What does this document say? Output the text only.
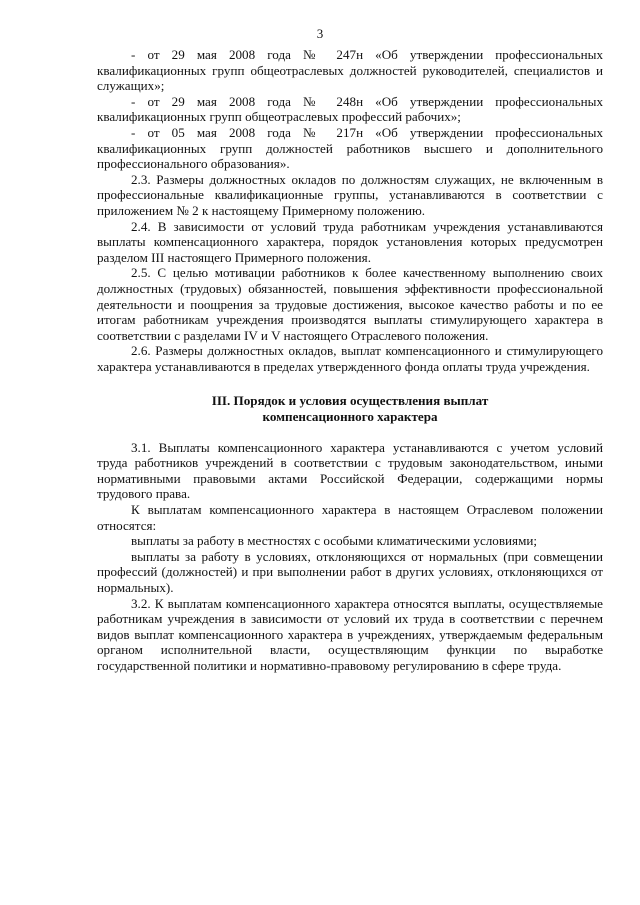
3

- от 29 мая 2008 года № 247н «Об утверждении профессиональных квалификационных групп общеотраслевых должностей руководителей, специалистов и служащих»;

- от 29 мая 2008 года № 248н «Об утверждении профессиональных квалификационных групп общеотраслевых профессий рабочих»;

- от 05 мая 2008 года № 217н «Об утверждении профессиональных квалификационных групп должностей работников высшего и дополнительного профессионального образования».

2.3. Размеры должностных окладов по должностям служащих, не включенным в профессиональные квалификационные группы, устанавливаются в соответствии с приложением № 2 к настоящему Примерному положению.

2.4. В зависимости от условий труда работникам учреждения устанавливаются выплаты компенсационного характера, порядок установления которых предусмотрен разделом III настоящего Примерного положения.

2.5. С целью мотивации работников к более качественному выполнению своих должностных (трудовых) обязанностей, повышения эффективности профессиональной деятельности и поощрения за трудовые достижения, высокое качество работы и по ее итогам работникам учреждения производятся выплаты стимулирующего характера в соответствии с разделами IV и V настоящего Отраслевого положения.

2.6. Размеры должностных окладов, выплат компенсационного и стимулирующего характера устанавливаются в пределах утвержденного фонда оплаты труда учреждения.

III. Порядок и условия осуществления выплат
компенсационного характера

3.1. Выплаты компенсационного характера устанавливаются с учетом условий труда работников учреждений в соответствии с трудовым законодательством, иными нормативными правовыми актами Российской Федерации, содержащими нормы трудового права.

К выплатам компенсационного характера в настоящем Отраслевом положении относятся:

выплаты за работу в местностях с особыми климатическими условиями;

выплаты за работу в условиях, отклоняющихся от нормальных (при совмещении профессий (должностей) и при выполнении работ в других условиях, отклоняющихся от нормальных).

3.2. К выплатам компенсационного характера относятся выплаты, осуществляемые работникам учреждения в зависимости от условий их труда в соответствии с перечнем видов выплат компенсационного характера в учреждениях, утверждаемым федеральным органом исполнительной власти, осуществляющим функции по выработке государственной политики и нормативно-правовому регулированию в сфере труда.
